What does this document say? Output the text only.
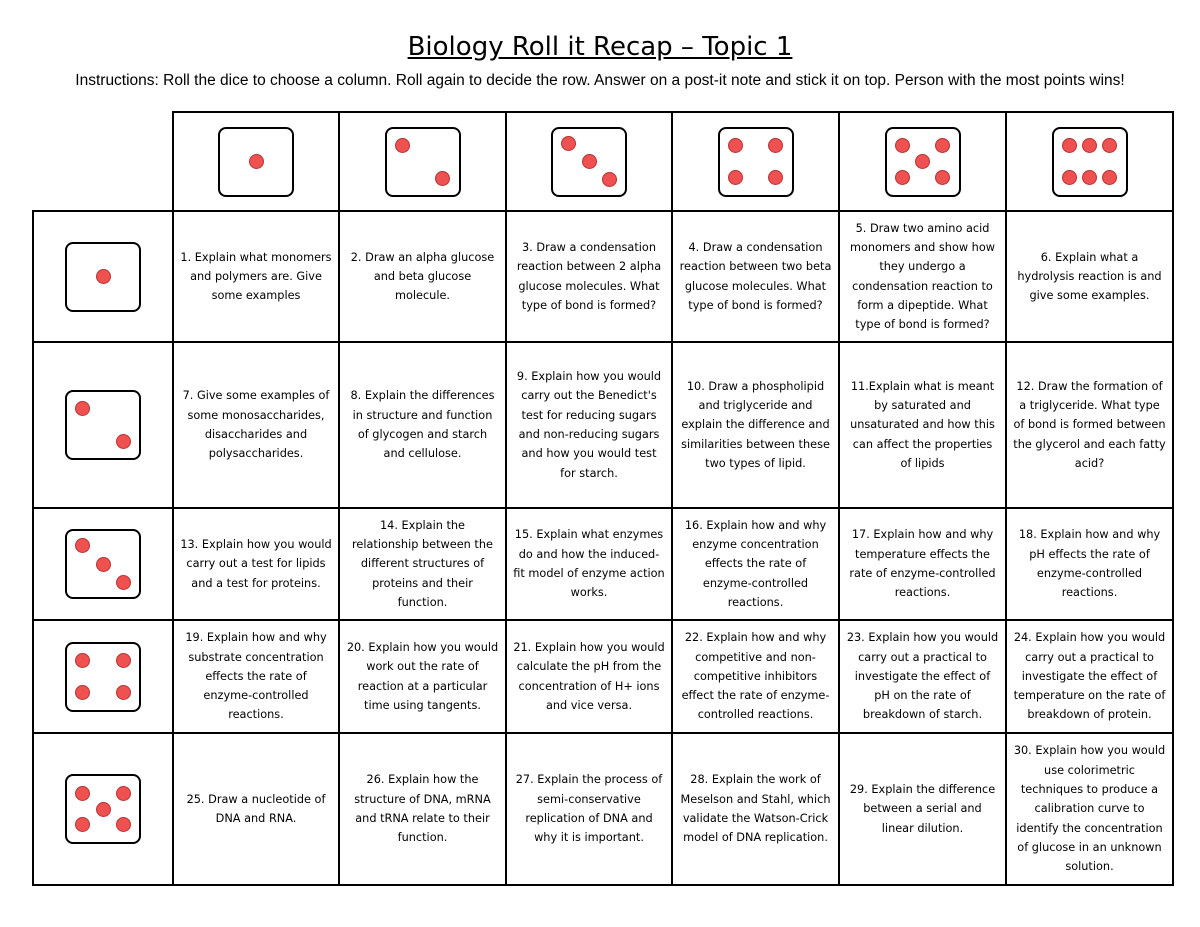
Biology Roll it Recap – Topic 1
Instructions: Roll the dice to choose a column. Roll again to decide the row. Answer on a post-it note and stick it on top. Person with the most points wins!
1. Explain what monomers and polymers are. Give some examples
2. Draw an alpha glucose and beta glucose molecule.
3. Draw a condensation reaction between 2 alpha glucose molecules. What type of bond is formed?
4. Draw a condensation reaction between two beta glucose molecules. What type of bond is formed?
5. Draw two amino acid monomers and show how they undergo a condensation reaction to form a dipeptide. What type of bond is formed?
6. Explain what a hydrolysis reaction is and give some examples.
7. Give some examples of some monosaccharides, disaccharides and polysaccharides.
8. Explain the differences in structure and function of glycogen and starch and cellulose.
9. Explain how you would carry out the Benedict's test for reducing sugars and non-reducing sugars and how you would test for starch.
10. Draw a phospholipid and triglyceride and explain the difference and similarities between these two types of lipid.
11.Explain what is meant by saturated and unsaturated and how this can affect the properties of lipids
12. Draw the formation of a triglyceride. What type of bond is formed between the glycerol and each fatty acid?
13. Explain how you would carry out a test for lipids and a test for proteins.
14. Explain the relationship between the different structures of proteins and their function.
15. Explain what enzymes do and how the induced-fit model of enzyme action works.
16. Explain how and why enzyme concentration effects the rate of enzyme-controlled reactions.
17. Explain how and why temperature effects the rate of enzyme-controlled reactions.
18. Explain how and why pH effects the rate of enzyme-controlled reactions.
19. Explain how and why substrate concentration effects the rate of enzyme-controlled reactions.
20. Explain how you would work out the rate of reaction at a particular time using tangents.
21. Explain how you would calculate the pH from the concentration of H+ ions and vice versa.
22. Explain how and why competitive and non-competitive inhibitors effect the rate of enzyme-controlled reactions.
23. Explain how you would carry out a practical to investigate the effect of pH on the rate of breakdown of starch.
24. Explain how you would carry out a practical to investigate the effect of temperature on the rate of breakdown of protein.
25. Draw a nucleotide of DNA and RNA.
26. Explain how the structure of DNA, mRNA and tRNA relate to their function.
27. Explain the process of semi-conservative replication of DNA and why it is important.
28. Explain the work of Meselson and Stahl, which validate the Watson-Crick model of DNA replication.
29. Explain the difference between a serial and linear dilution.
30. Explain how you would use colorimetric techniques to produce a calibration curve to identify the concentration of glucose in an unknown solution.
